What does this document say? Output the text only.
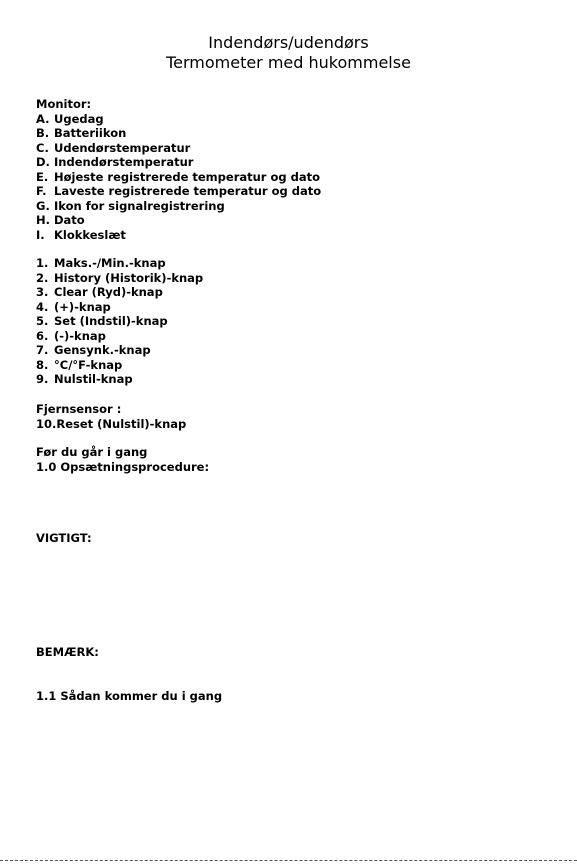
Indendørs/udendørs
Termometer med hukommelse
Monitor:
A. Ugedag
B. Batteriikon
C. Udendørstemperatur
D. Indendørstemperatur
E. Højeste registrerede temperatur og dato
F. Laveste registrerede temperatur og dato
G. Ikon for signalregistrering
H. Dato
I. Klokkeslæt
1. Maks.-/Min.-knap
2. History (Historik)-knap
3. Clear (Ryd)-knap
4. (+)-knap
5. Set (Indstil)-knap
6. (-)-knap
7. Gensynk.-knap
8. °C/°F-knap
9. Nulstil-knap
Fjernsensor :
10.Reset (Nulstil)-knap
Før du går i gang
1.0 Opsætningsprocedure:
VIGTIGT:
BEMÆRK:
1.1 Sådan kommer du i gang
